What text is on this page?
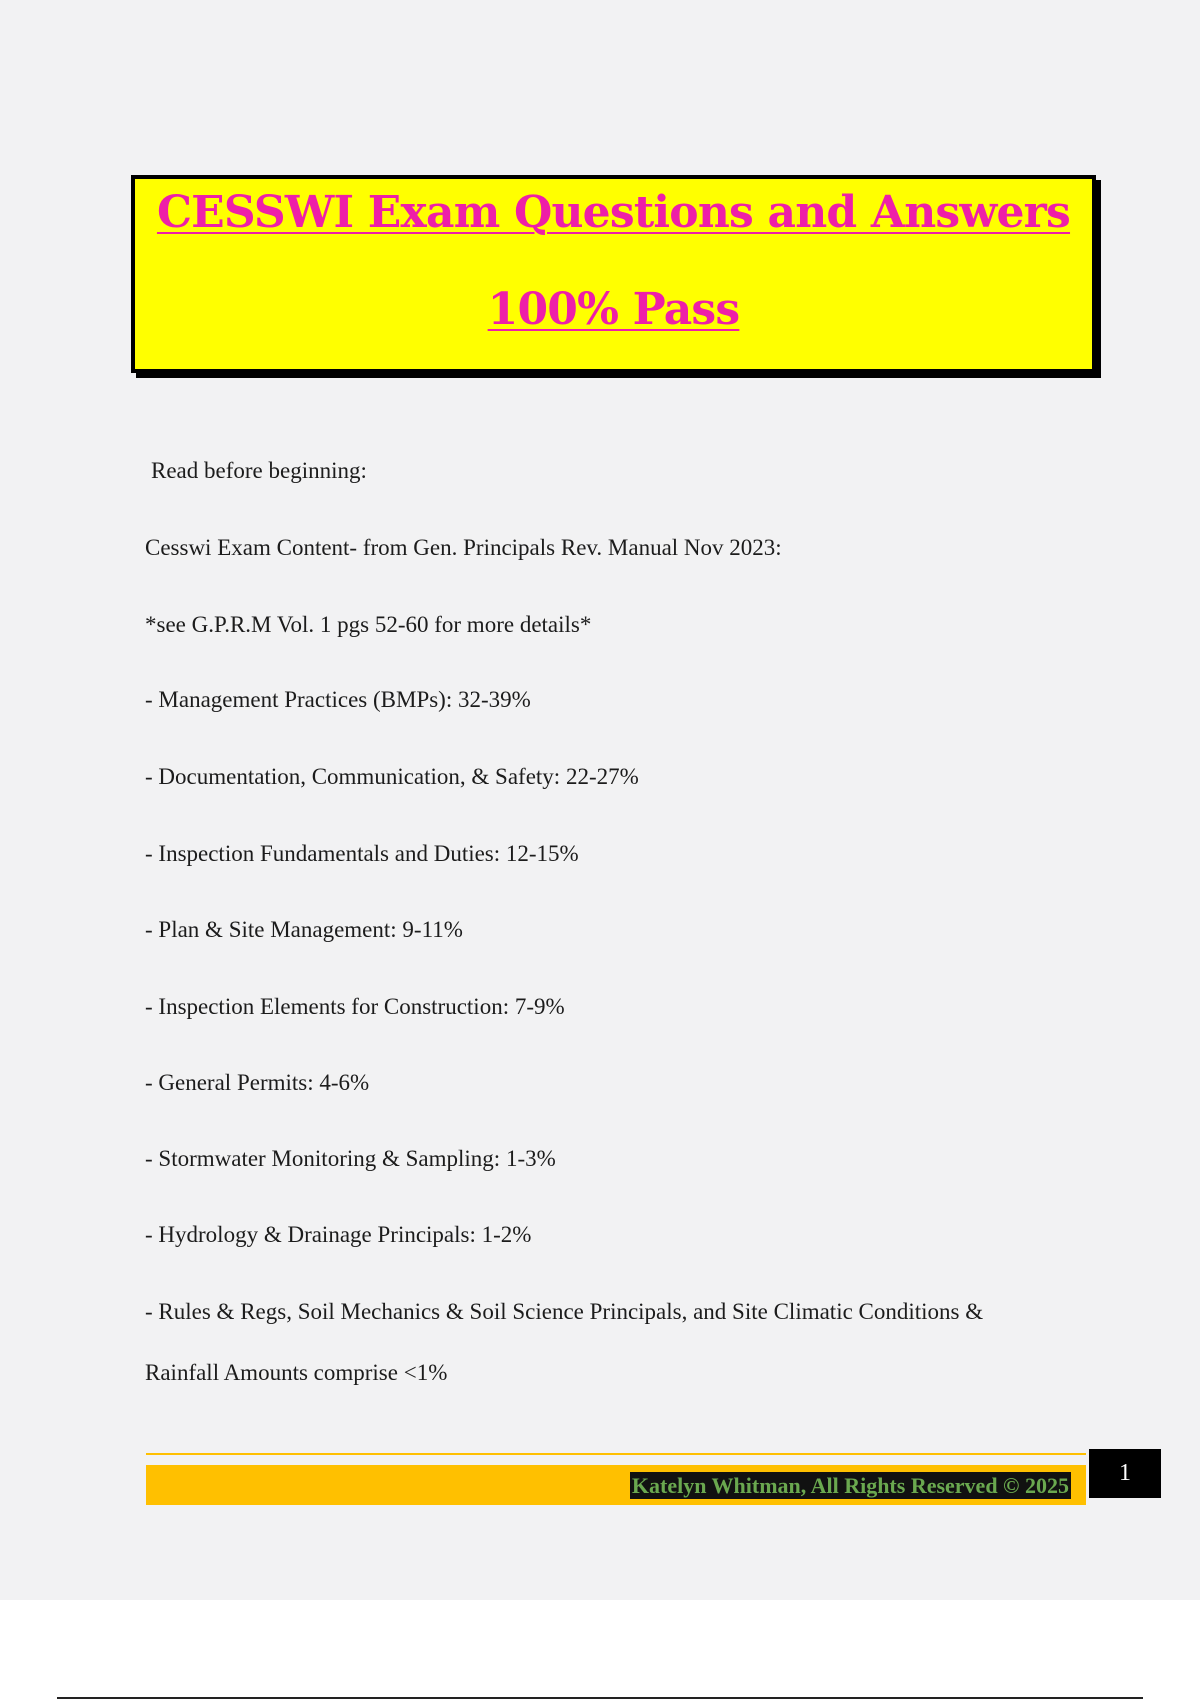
CESSWI Exam Questions and Answers
100% Pass
Read before beginning:
Cesswi Exam Content- from Gen. Principals Rev. Manual Nov 2023:
*see G.P.R.M Vol. 1 pgs 52-60 for more details*
- Management Practices (BMPs): 32-39%
- Documentation, Communication, & Safety: 22-27%
- Inspection Fundamentals and Duties: 12-15%
- Plan & Site Management: 9-11%
- Inspection Elements for Construction: 7-9%
- General Permits: 4-6%
- Stormwater Monitoring & Sampling: 1-3%
- Hydrology & Drainage Principals: 1-2%
- Rules & Regs, Soil Mechanics & Soil Science Principals, and Site Climatic Conditions &
Rainfall Amounts comprise <1%
Katelyn Whitman, All Rights Reserved © 2025	1
